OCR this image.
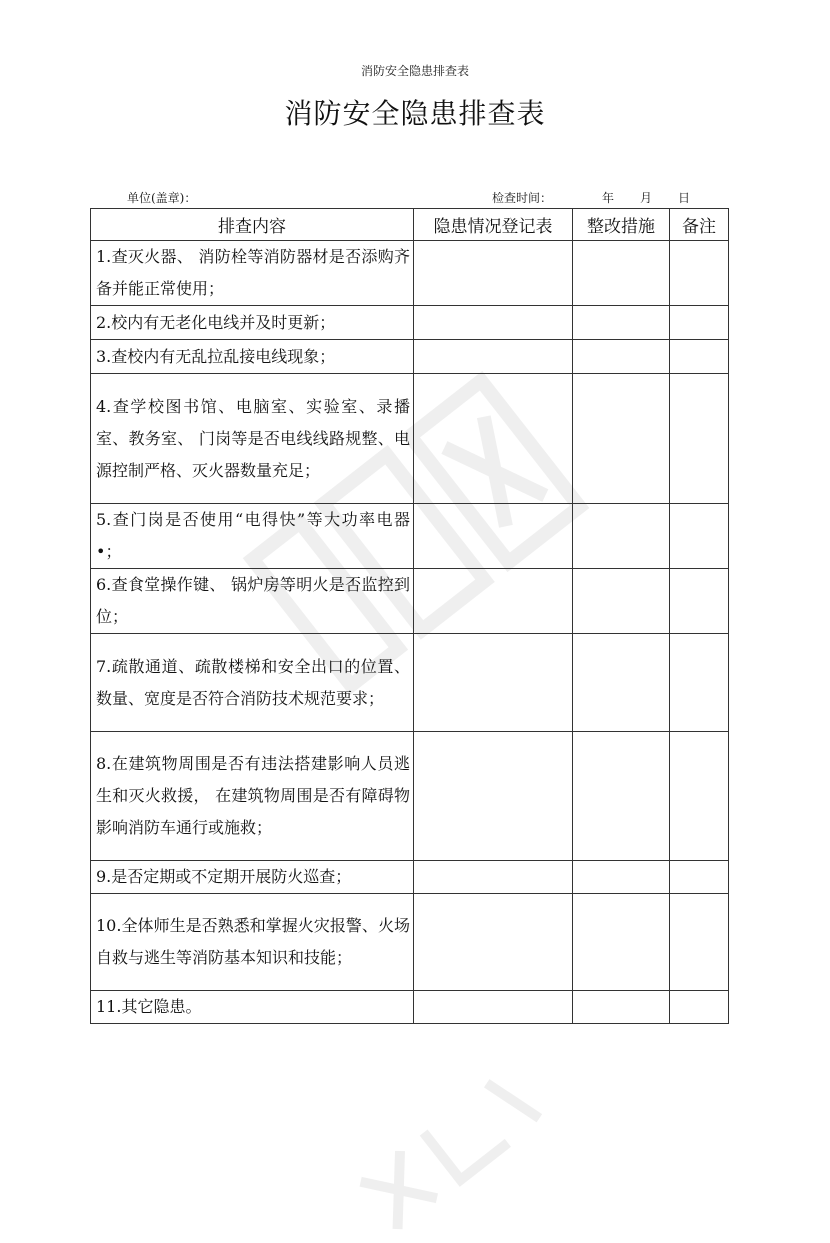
消防安全隐患排查表
消防安全隐患排查表
单位(盖章)：	检查时间：	年 月 日
排查内容	隐患情况登记表	整改措施	备注
1.查灭火器、 消防栓等消防器材是否添购齐备并能正常使用；			
2.校内有无老化电线并及时更新；			
3.查校内有无乱拉乱接电线现象；			
4.查学校图书馆、电脑室、实验室、录播室、教务室、 门岗等是否电线线路规整、电源控制严格、灭火器数量充足；			
5.查门岗是否使用“电得快”等大功率电器 •；			
6.查食堂操作键、 锅炉房等明火是否监控到位；			
7.疏散通道、疏散楼梯和安全出口的位置、数量、宽度是否符合消防技术规范要求；			
8.在建筑物周围是否有违法搭建影响人员逃生和灭火救援， 在建筑物周围是否有障碍物影响消防车通行或施救；			
9.是否定期或不定期开展防火巡查；			
10.全体师生是否熟悉和掌握火灾报警、火场自救与逃生等消防基本知识和技能；			
11.其它隐患。			
